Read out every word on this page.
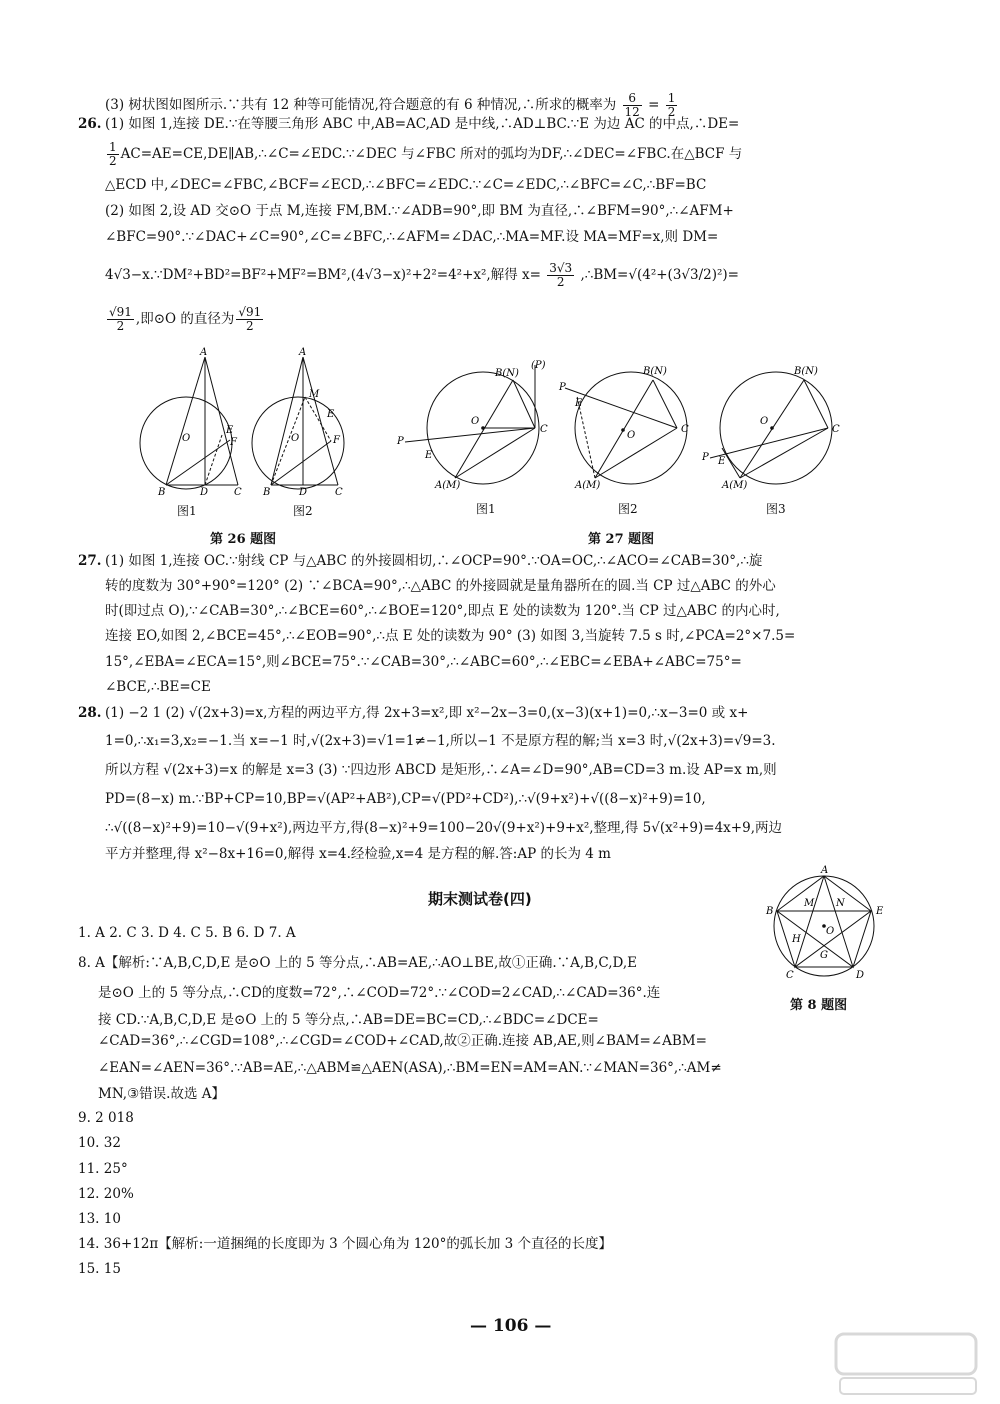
(3) 树状图如图所示.∵共有 12 种等可能情况,符合题意的有 6 种情况,∴所求的概率为 $\frac{6}{12} = \frac{1}{2}$
26. (1) 如图 1,连接 DE.∵在等腰三角形 ABC 中,AB=AC,AD 是中线,∴AD⊥BC.∵E 为边 AC 的中点,∴DE=
$\frac{1}{2}$ AC=AE=CE,DE∥AB,∴∠C=∠EDC.∵∠DEC 与∠FBC 所对的弧均为DF,∴∠DEC=∠FBC.在△BCF 与
△ECD 中,∠DEC=∠FBC,∠BCF=∠ECD,∴∠BFC=∠EDC.∵∠C=∠EDC,∴∠BFC=∠C,∴BF=BC
(2) 如图 2,设 AD 交⊙O 于点 M,连接 FM,BM.∵∠ADB=90°,即 BM 为直径,∴∠BFM=90°,∴∠AFM+
∠BFC=90°.∵∠DAC+∠C=90°,∠C=∠BFC,∴∠AFM=∠DAC,∴MA=MF.设 MA=MF=x,则 DM=
4√3−x.∵DM²+BD²=BF²+MF²=BM²,(4√3−x)²+2²=4²+x²,解得 $x= \frac{3√3}{2}$ ,∴BM=√(4²+(3√3/2)²)=
$\frac{√91}{2}$ ,即⊙O 的直径为 $\frac{√91}{2}$
A
B	D	C
E
F
O
A
M
B	D	C
E
F
O
图1	图2
B(N)
(P)
P
E
O
C
A(M)
B(N)
P
E
O
C
A(M)
B(N)
P E
O
C
A(M)
图1	图2	图3
第 26 题图	第 27 题图
27. (1) 如图 1,连接 OC.∵射线 CP 与△ABC 的外接圆相切,∴∠OCP=90°.∵OA=OC,∴∠ACO=∠CAB=30°,∴旋
转的度数为 30°+90°=120° (2) ∵∠BCA=90°,∴△ABC 的外接圆就是量角器所在的圆.当 CP 过△ABC 的外心
时(即过点 O),∵∠CAB=30°,∴∠BCE=60°,∴∠BOE=120°,即点 E 处的读数为 120°.当 CP 过△ABC 的内心时,
连接 EO,如图 2,∠BCE=45°,∴∠EOB=90°,∴点 E 处的读数为 90° (3) 如图 3,当旋转 7.5 s 时,∠PCA=2°×7.5=
15°,∠EBA=∠ECA=15°,则∠BCE=75°.∵∠CAB=30°,∴∠ABC=60°,∴∠EBC=∠EBA+∠ABC=75°=
∠BCE,∴BE=CE
28. (1) −2 1 (2) √(2x+3)=x,方程的两边平方,得 2x+3=x²,即 x²−2x−3=0,(x−3)(x+1)=0,∴x−3=0 或 x+
1=0,∴x₁=3,x₂=−1.当 x=−1 时,√(2x+3)=√1=1≠−1,所以−1 不是原方程的解;当 x=3 时,√(2x+3)=√9=3.
所以方程 √(2x+3)=x 的解是 x=3 (3) ∵四边形 ABCD 是矩形,∴∠A=∠D=90°,AB=CD=3 m.设 AP=x m,则
PD=(8−x) m.∵BP+CP=10,BP=√(AP²+AB²),CP=√(PD²+CD²),∴√(9+x²)+√((8−x)²+9)=10,
∴√((8−x)²+9)=10−√(9+x²),两边平方,得(8−x)²+9=100−20√(9+x²)+9+x²,整理,得 5√(x²+9)=4x+9,两边
平方并整理,得 x²−8x+16=0,解得 x=4.经检验,x=4 是方程的解.答:AP 的长为 4 m
期末测试卷(四)
A
B	E
C	D
M N
H
G
O
第 8 题图
1. A 2. C 3. D 4. C 5. B 6. D 7. A
8. A【解析:∵A,B,C,D,E 是⊙O 上的 5 等分点,∴AB=AE,∴AO⊥BE,故①正确.∵A,B,C,D,E
是⊙O 上的 5 等分点,∴CD的度数=72°,∴∠COD=72°.∵∠COD=2∠CAD,∴∠CAD=36°.连
接 CD.∵A,B,C,D,E 是⊙O 上的 5 等分点,∴AB=DE=BC=CD,∴∠BDC=∠DCE=
∠CAD=36°,∴∠CGD=108°,∴∠CGD=∠COD+∠CAD,故②正确.连接 AB,AE,则∠BAM=∠ABM=
∠EAN=∠AEN=36°.∵AB=AE,∴△ABM≌△AEN(ASA),∴BM=EN=AM=AN.∵∠MAN=36°,∴AM≠
MN,③错误.故选 A】
9. 2 018
10. 32
11. 25°
12. 20%
13. 10
14. 36+12π【解析:一道捆绳的长度即为 3 个圆心角为 120°的弧长加 3 个直径的长度】
15. 15
— 106 —
